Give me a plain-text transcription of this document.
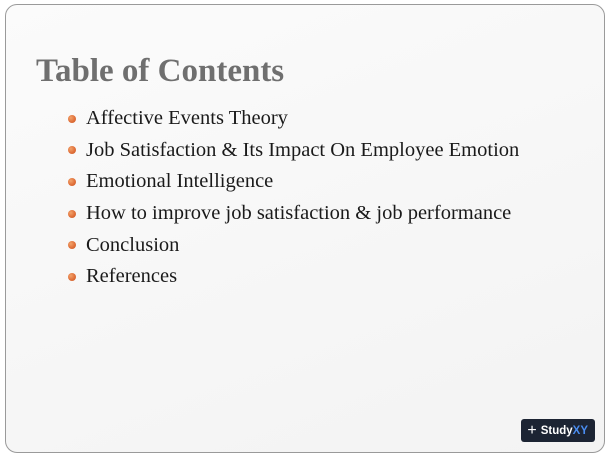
Table of Contents
Affective Events Theory
Job Satisfaction & Its Impact On Employee Emotion
Emotional Intelligence
How to improve job satisfaction & job performance
Conclusion
References
+ Study XY
